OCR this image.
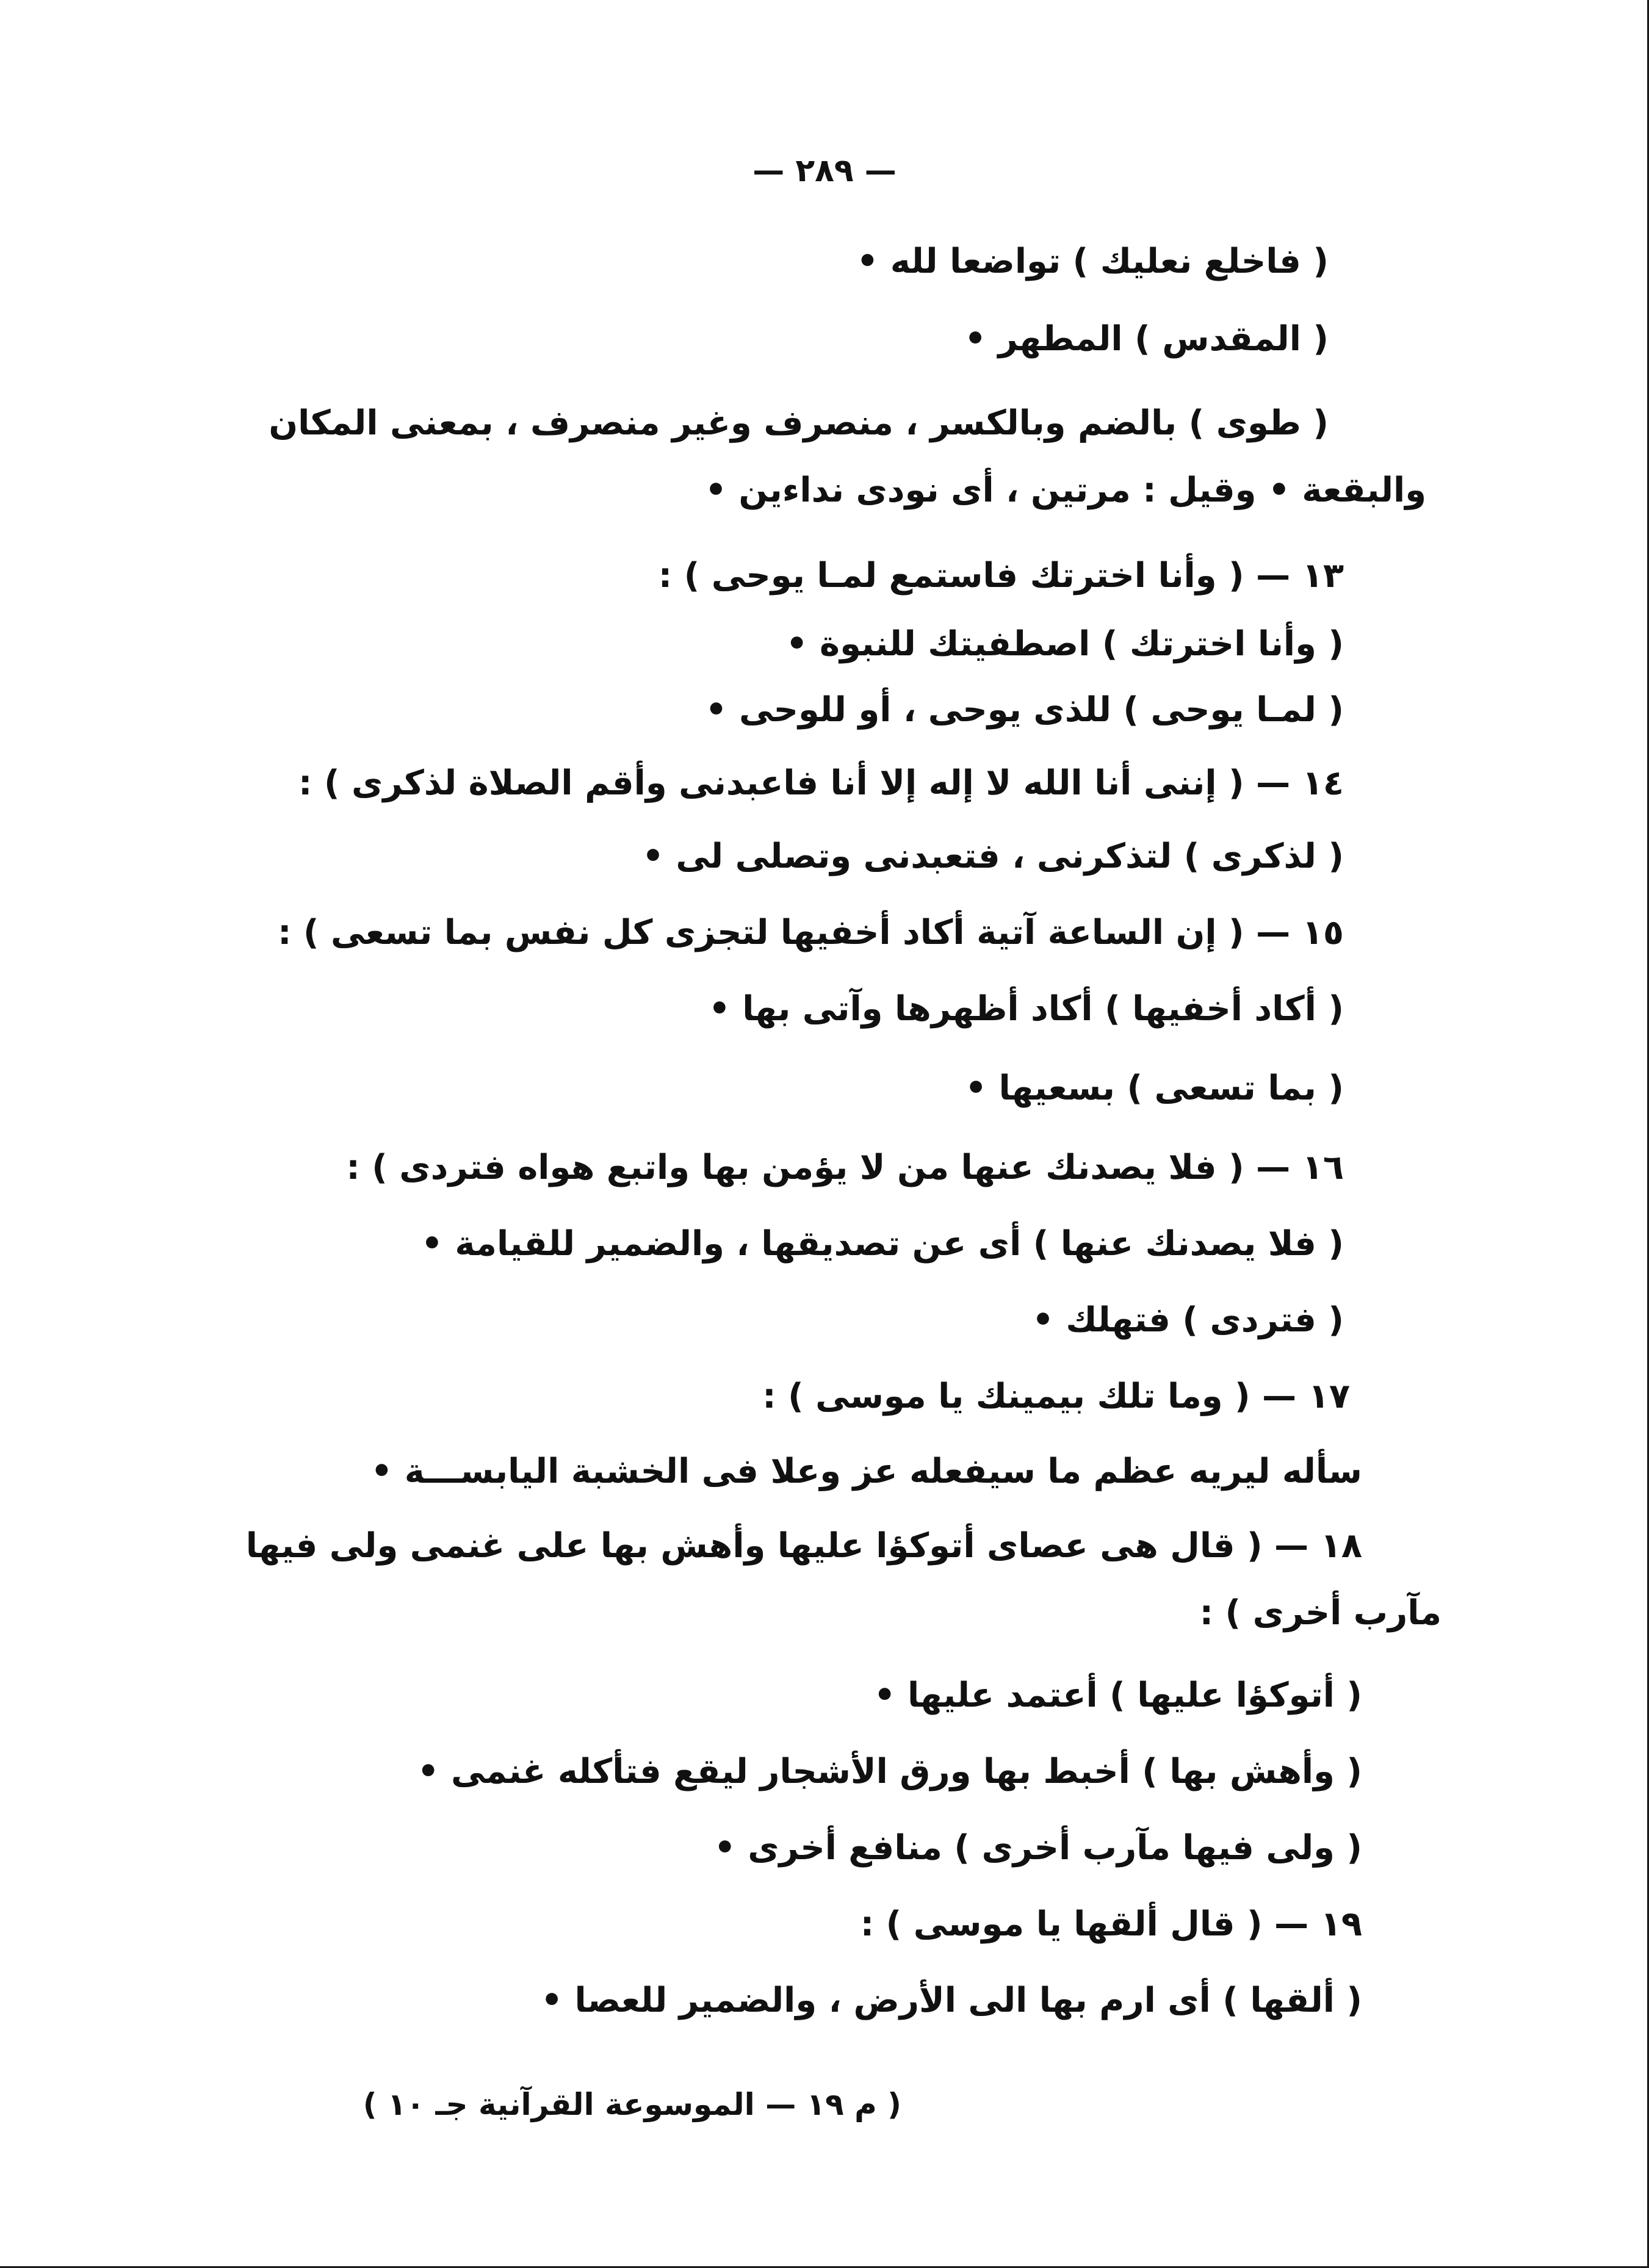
— ٢٨٩ —
( فاخلع نعليك ) تواضعا لله •
( المقدس ) المطهر •
( طوى ) بالضم وبالكسر ، منصرف وغير منصرف ، بمعنى المكان
والبقعة • وقيل : مرتين ، أى نودى نداءين •
١٣ — ( وأنا اخترتك فاستمع لمـا يوحى ) :
( وأنا اخترتك ) اصطفيتك للنبوة •
( لمـا يوحى ) للذى يوحى ، أو للوحى •
١٤ — ( إننى أنا الله لا إله إلا أنا فاعبدنى وأقم الصلاة لذكرى ) :
( لذكرى ) لتذكرنى ، فتعبدنى وتصلى لى •
١٥ — ( إن الساعة آتية أكاد أخفيها لتجزى كل نفس بما تسعى ) :
( أكاد أخفيها ) أكاد أظهرها وآتى بها •
( بما تسعى ) بسعيها •
١٦ — ( فلا يصدنك عنها من لا يؤمن بها واتبع هواه فتردى ) :
( فلا يصدنك عنها ) أى عن تصديقها ، والضمير للقيامة •
( فتردى ) فتهلك •
١٧ — ( وما تلك بيمينك يا موسى ) :
سأله ليريه عظم ما سيفعله عز وعلا فى الخشبة اليابســـة •
١٨ — ( قال هى عصاى أتوكؤا عليها وأهش بها على غنمى ولى فيها
مآرب أخرى ) :
( أتوكؤا عليها ) أعتمد عليها •
( وأهش بها ) أخبط بها ورق الأشجار ليقع فتأكله غنمى •
( ولى فيها مآرب أخرى ) منافع أخرى •
١٩ — ( قال ألقها يا موسى ) :
( ألقها ) أى ارم بها الى الأرض ، والضمير للعصا •
( م ١٩ — الموسوعة القرآنية جـ ١٠ )
